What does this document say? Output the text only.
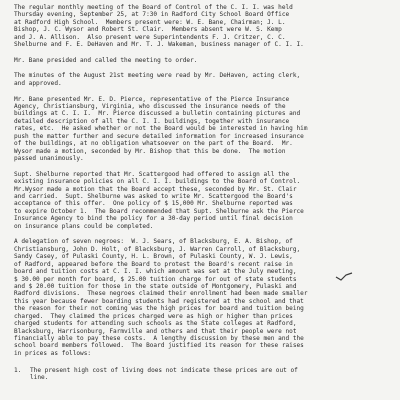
The regular monthly meeting of the Board of Control of the C. I. I. was held
Thursday evening, September 25, at 7:30 in Radford City School Board Office
at Radford High School.  Members present were: W. E. Bane, Chairman; J. L.
Bishop, J. C. Wysor and Robert St. Clair.  Members absent were W. S. Kemp
and J. A. Allison.  Also present were Superintendents F. J. Critzer, C. C.
Shelburne and F. E. DeHaven and Mr. T. J. Wakeman, business manager of C. I. I.
Mr. Bane presided and called the meeting to order.
The minutes of the August 21st meeting were read by Mr. DeHaven, acting clerk,
and approved.
Mr. Bane presented Mr. E. D. Pierce, representative of the Pierce Insurance
Agency, Christiansburg, Virginia, who discussed the insurance needs of the
buildings at C. I. I.  Mr. Pierce discussed a bulletin containing pictures and
detailed description of all the C. I. I. buildings, together with insurance
rates, etc.  He asked whether or not the Board would be interested in having him
push the matter further and secure detailed information for increased insurance
of the buildings, at no obligation whatsoever on the part of the Board.  Mr.
Wysor made a motion, seconded by Mr. Bishop that this be done.  The motion
passed unanimously.
Supt. Shelburne reported that Mr. Scattergood had offered to assign all the
existing insurance policies on all C. I. I. buildings to the Board of Control.
Mr.Wysor made a motion that the Board accept these, seconded by Mr. St. Clair
and carried.  Supt. Shelburne was asked to write Mr. Scattergood the Board's
acceptance of this offer.  One policy of $ 15,000 Mr. Shelburne reported was
to expire October 1.  The Board recommended that Supt. Shelburne ask the Pierce
Insurance Agency to bind the policy for a 30-day period until final decision
on insurance plans could be completed.
A delegation of seven negroes:  W. J. Sears, of Blacksburg, E. A. Bishop, of
Christiansburg, John D. Holt, of Blacksburg, J. Warren Carroll, of Blacksburg,
Sandy Casey, of Pulaski County, H. L. Brown, of Pulaski County, W. J. Lewis,
of Radford, appeared before the Board to protest the Board's recent raise in
board and tuition costs at C. I. I. which amount was set at the July meeting,
$ 30.00 per month for board, $ 25.00 tuition charge for out of state students
and $ 20.00 tuition for those in the state outside of Montgomery, Pulaski and
Radford divisions.  These negroes claimed their enrollment had been made smaller
this year because fewer boarding students had registered at the school and that
the reason for their not coming was the high prices for board and tuition being
charged.  They claimed the prices charged were as high or higher than prices
charged students for attending such schools as the State colleges at Radford,
Blacksburg, Harrisonburg, Farmville and others and that their people were not
financially able to pay these costs.  A lengthy discussion by these men and the
school board members followed.  The Board justified its reason for these raises
in prices as follows:
1.	The present high cost of living does not indicate these prices are out of
line.
